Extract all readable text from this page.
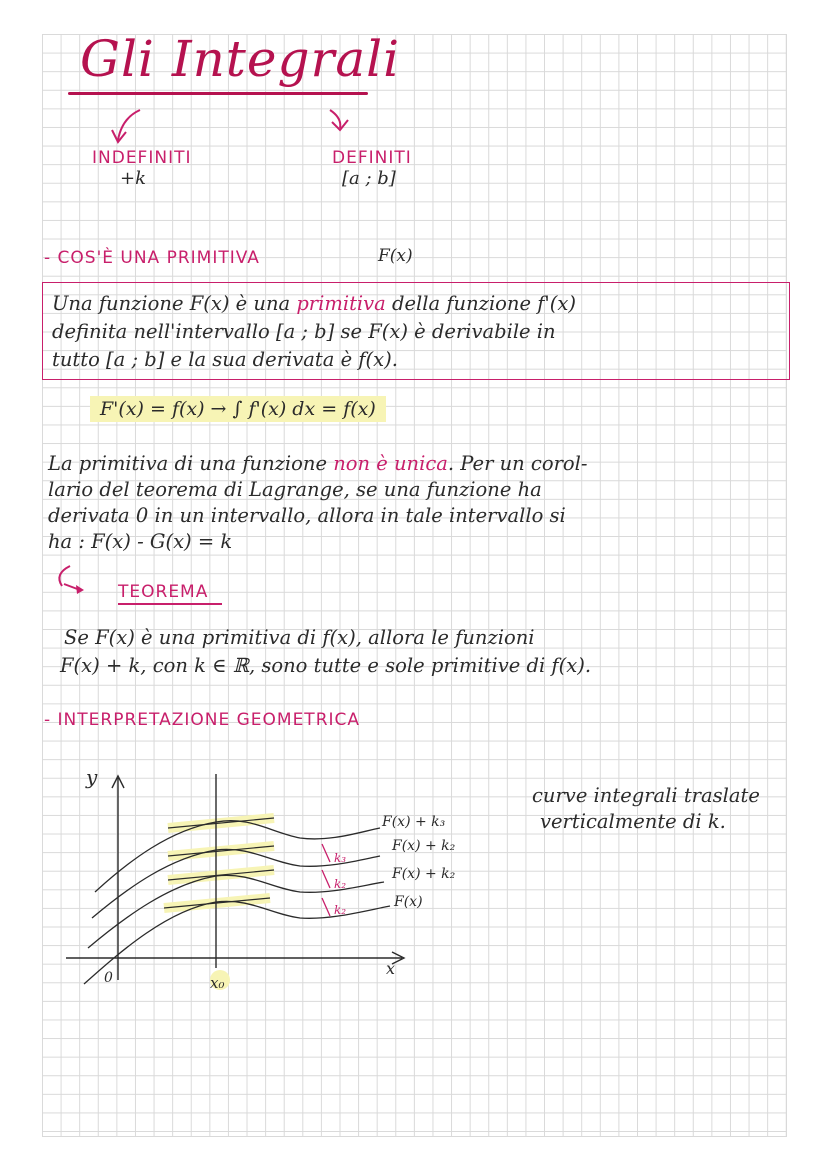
Gli Integrali
INDEFINITI
+k
DEFINITI
[a ; b]
- COS'È UNA PRIMITIVA	F(x)
Una funzione F(x) è una primitiva della funzione f'(x)
definita nell'intervallo [a ; b] se F(x) è derivabile in
tutto [a ; b] e la sua derivata è f(x).
F'(x) = f(x) → ∫ f'(x) dx = f(x)
La primitiva di una funzione non è unica. Per un corol-
lario del teorema di Lagrange, se una funzione ha
derivata 0 in un intervallo, allora in tale intervallo si
ha : F(x) - G(x) = k
TEOREMA
Se F(x) è una primitiva di f(x), allora le funzioni
F(x) + k, con k ∈ ℝ, sono tutte e sole primitive di f(x).
- INTERPRETAZIONE GEOMETRICA
curve integrali traslate
verticalmente di k.
k₃
k₂
k₂
y
x
0	x₀
F(x) + k₃
F(x) + k₂
F(x) + k₂
F(x)
